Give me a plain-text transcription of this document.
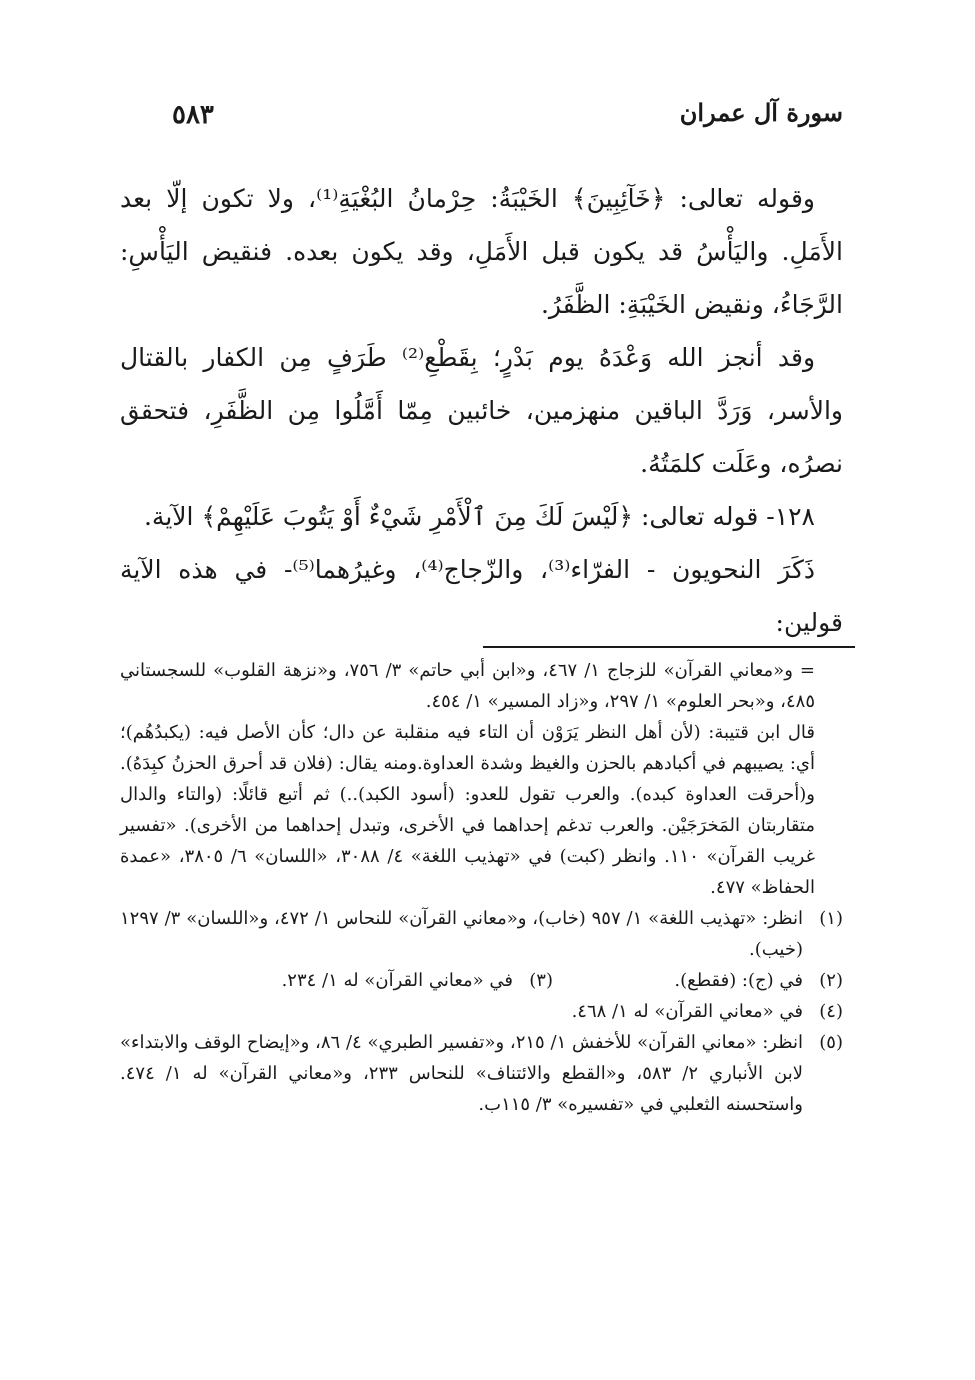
سورة آل عمران
٥٨٣

وقوله تعالى: ﴿خَآئِبِينَ﴾ الخَيْبَةُ: حِرْمانُ البُغْيَةِ⁽¹⁾، ولا تكون إلّا بعد الأَمَلِ. واليَأْسُ قد يكون قبل الأَمَلِ، وقد يكون بعده. فنقيض اليَأْسِ: الرَّجَاءُ، ونقيض الخَيْبَةِ: الظَّفَرُ.

وقد أنجز الله وَعْدَهُ يوم بَدْرٍ؛ بِقَطْعِ⁽²⁾ طَرَفٍ مِن الكفار بالقتال والأسر، وَرَدَّ الباقين منهزمين، خائبين مِمّا أَمَّلُوا مِن الظَّفَرِ، فتحقق نصرُه، وعَلَت كلمَتُهُ.

١٢٨- قوله تعالى: ﴿لَيْسَ لَكَ مِنَ ٱلْأَمْرِ شَيْءٌ أَوْ يَتُوبَ عَلَيْهِمْ﴾ الآية.

ذَكَرَ النحويون - الفرّاء⁽³⁾، والزّجاج⁽⁴⁾، وغيرُهما⁽⁵⁾- في هذه الآية قولين:

= و«معاني القرآن» للزجاج ١/ ٤٦٧، و«ابن أبي حاتم» ٣/ ٧٥٦، و«نزهة القلوب» للسجستاني ٤٨٥، و«بحر العلوم» ١/ ٢٩٧، و«زاد المسير» ١/ ٤٥٤.

قال ابن قتيبة: (لأن أهل النظر يَرَوْن أن التاء فيه منقلبة عن دال؛ كأن الأصل فيه: (يكبدُهُم)؛ أي: يصيبهم في أكبادهم بالحزن والغيظ وشدة العداوة.ومنه يقال: (فلان قد أحرق الحزنُ كبِدَهُ). و(أحرقت العداوة كبده). والعرب تقول للعدو: (أسود الكبد)..) ثم أتبع قائلًا: (والتاء والدال متقاربتان المَخرَجَيْن. والعرب تدغم إحداهما في الأخرى، وتبدل إحداهما من الأخرى). «تفسير غريب القرآن» ١١٠. وانظر (كبت) في «تهذيب اللغة» ٤/ ٣٠٨٨، «اللسان» ٦/ ٣٨٠٥، «عمدة الحفاظ» ٤٧٧.

(١)
انظر: «تهذيب اللغة» ١/ ٩٥٧ (خاب)، و«معاني القرآن» للنحاس ١/ ٤٧٢، و«اللسان» ٣/ ١٢٩٧ (خيب).
(٢)
في (ج): (فقطع).
(٣)
في «معاني القرآن» له ١/ ٢٣٤.
(٤)
في «معاني القرآن» له ١/ ٤٦٨.
(٥)
انظر: «معاني القرآن» للأخفش ١/ ٢١٥، و«تفسير الطبري» ٤/ ٨٦، و«إيضاح الوقف والابتداء» لابن الأنباري ٢/ ٥٨٣، و«القطع والائتناف» للنحاس ٢٣٣، و«معاني القرآن» له ١/ ٤٧٤. واستحسنه الثعلبي في «تفسيره» ٣/ ١١٥ب.
